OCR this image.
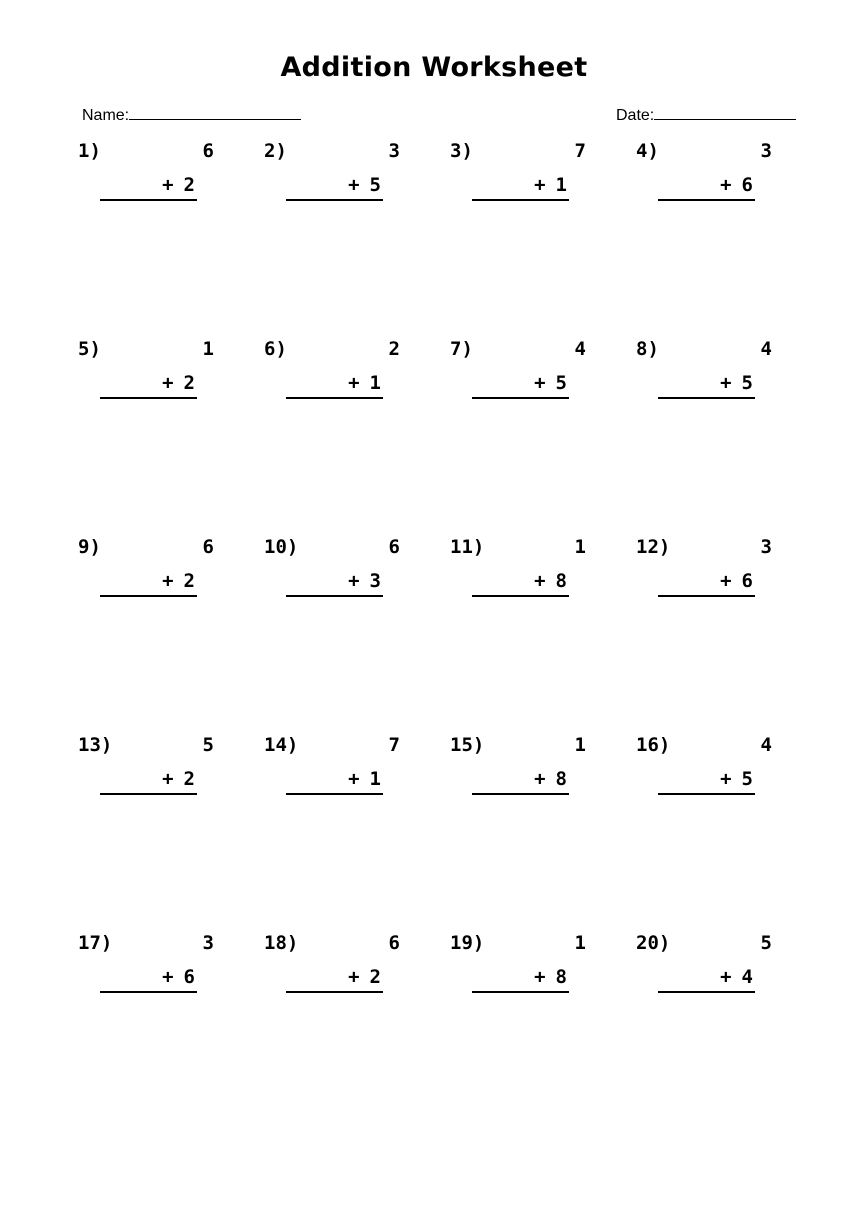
Addition Worksheet
Name:	Date:
1)	6
+ 2
2)	3
+ 5
3)	7
+ 1
4)	3
+ 6
5)	1
+ 2
6)	2
+ 1
7)	4
+ 5
8)	4
+ 5
9)	6
+ 2
10)	6
+ 3
11)	1
+ 8
12)	3
+ 6
13)	5
+ 2
14)	7
+ 1
15)	1
+ 8
16)	4
+ 5
17)	3
+ 6
18)	6
+ 2
19)	1
+ 8
20)	5
+ 4
